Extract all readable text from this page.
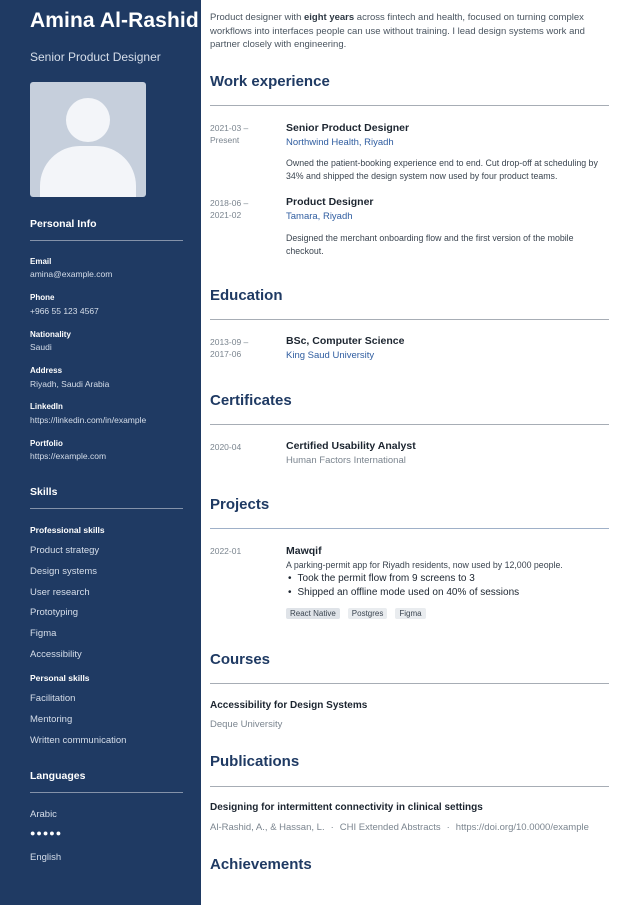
Amina Al-Rashid
Senior Product Designer
Personal Info
Email
amina@example.com
Phone
+966 55 123 4567
Nationality
Saudi
Address
Riyadh, Saudi Arabia
LinkedIn
https://linkedin.com/in/example
Portfolio
https://example.com
Skills
Professional skills
Product strategy
Design systems
User research
Prototyping
Figma
Accessibility
Personal skills
Facilitation
Mentoring
Written communication
Languages
Arabic
●●●●●
English
Product designer with eight years across fintech and health, focused on turning complex workflows into interfaces people can use without training. I lead design systems work and partner closely with engineering.
Work experience
2021-03 –
Present
Senior Product Designer
Northwind Health, Riyadh
Owned the patient-booking experience end to end. Cut drop-off at scheduling by 34% and shipped the design system now used by four product teams.
2018-06 –
2021-02
Product Designer
Tamara, Riyadh
Designed the merchant onboarding flow and the first version of the mobile checkout.
Education
2013-09 –
2017-06
BSc, Computer Science
King Saud University
Certificates
2020-04	Certified Usability Analyst
Human Factors International
Projects
2022-01	Mawqif
A parking-permit app for Riyadh residents, now used by 12,000 people.
• Took the permit flow from 9 screens to 3
• Shipped an offline mode used on 40% of sessions
React Native	Postgres	Figma
Courses
Accessibility for Design Systems
Deque University
Publications
Designing for intermittent connectivity in clinical settings
Al-Rashid, A., & Hassan, L. · CHI Extended Abstracts · https://doi.org/10.0000/example
Achievements
